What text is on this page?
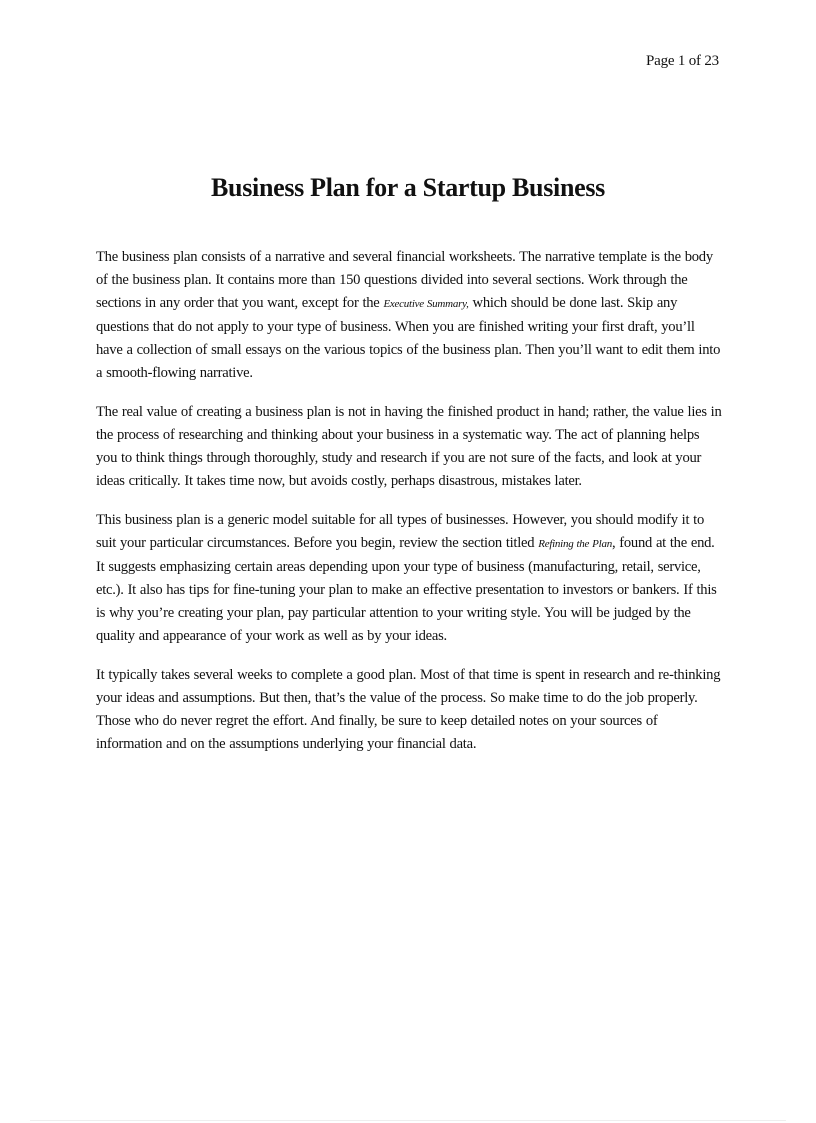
Page 1 of 23
Business Plan for a Startup Business

The business plan consists of a narrative and several financial worksheets. The narrative template is the body of the business plan. It contains more than 150 questions divided into several sections. Work through the sections in any order that you want, except for the Executive Summary, which should be done last. Skip any questions that do not apply to your type of business. When you are finished writing your first draft, you’ll have a collection of small essays on the various topics of the business plan. Then you’ll want to edit them into a smooth-flowing narrative.

The real value of creating a business plan is not in having the finished product in hand; rather, the value lies in the process of researching and thinking about your business in a systematic way. The act of planning helps you to think things through thoroughly, study and research if you are not sure of the facts, and look at your ideas critically. It takes time now, but avoids costly, perhaps disastrous, mistakes later.

This business plan is a generic model suitable for all types of businesses. However, you should modify it to suit your particular circumstances. Before you begin, review the section titled Refining the Plan, found at the end. It suggests emphasizing certain areas depending upon your type of business (manufacturing, retail, service, etc.). It also has tips for fine-tuning your plan to make an effective presentation to investors or bankers. If this is why you’re creating your plan, pay particular attention to your writing style. You will be judged by the quality and appearance of your work as well as by your ideas.

It typically takes several weeks to complete a good plan. Most of that time is spent in research and re-thinking your ideas and assumptions. But then, that’s the value of the process. So make time to do the job properly. Those who do never regret the effort. And finally, be sure to keep detailed notes on your sources of information and on the assumptions underlying your financial data.
